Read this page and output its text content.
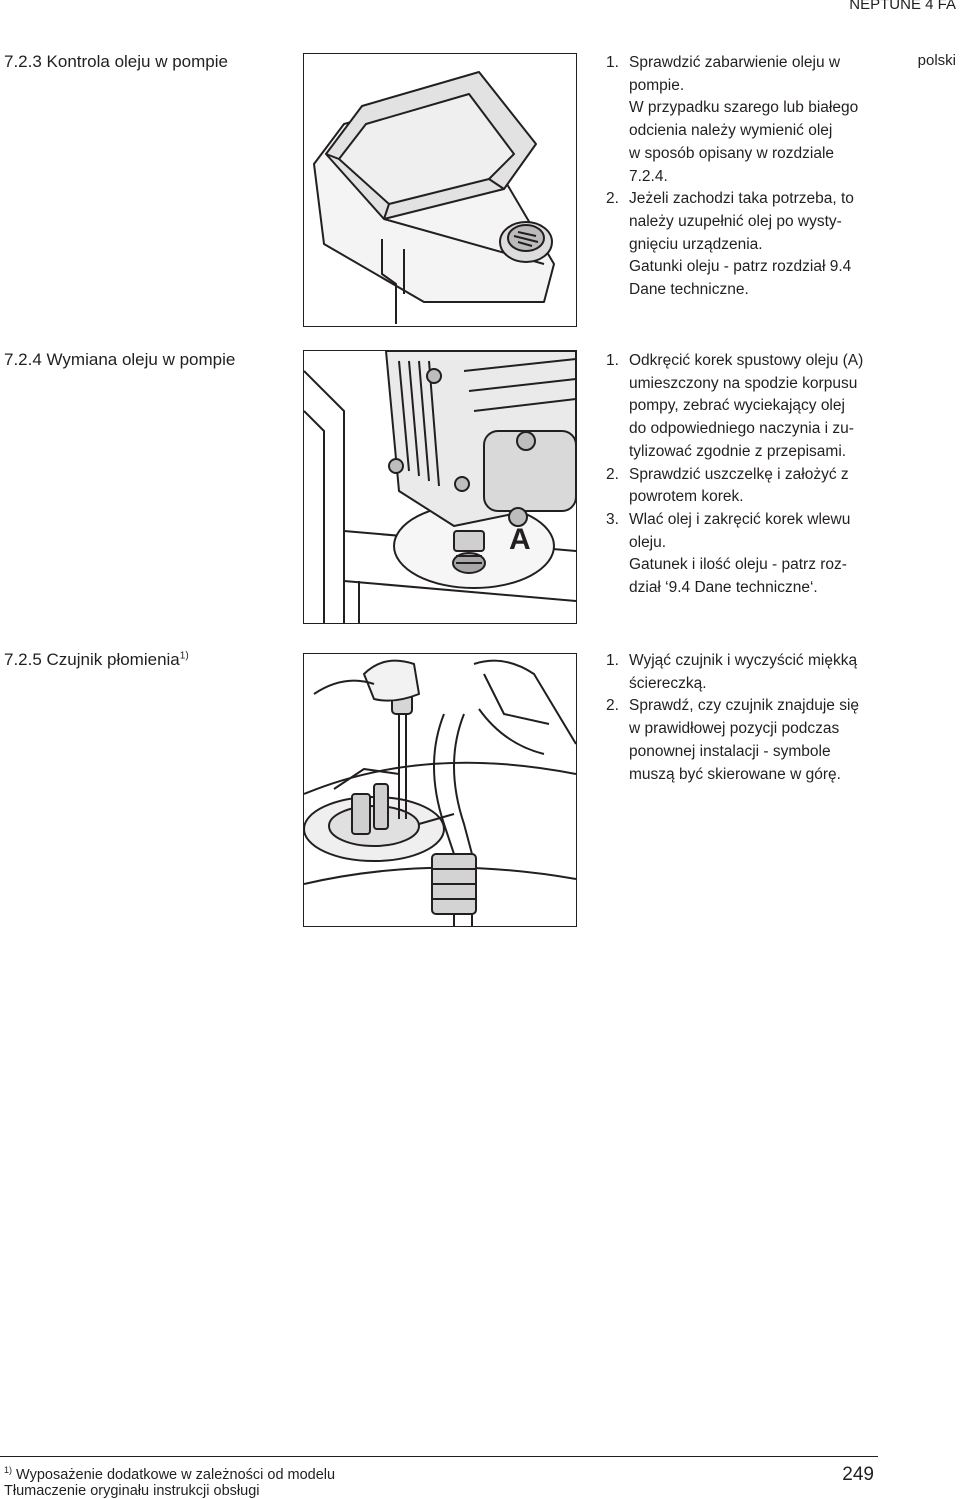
NEPTUNE 4 FA
polski
7.2.3 Kontrola oleju w pompie	1. Sprawdzić zabarwienie oleju w
pompie.
W przypadku szarego lub białego
odcienia należy wymienić olej
w sposób opisany w rozdziale
7.2.4.
2. Jeżeli zachodzi taka potrzeba, to
należy uzupełnić olej po wysty-
gnięciu urządzenia.
Gatunki oleju - patrz rozdział 9.4
Dane techniczne.
7.2.4 Wymiana oleju w pompie
A
1. Odkręcić korek spustowy oleju (A)
umieszczony na spodzie korpusu
pompy, zebrać wyciekający olej
do odpowiedniego naczynia i zu-
tylizować zgodnie z przepisami.
2. Sprawdzić uszczelkę i założyć z
powrotem korek.
3. Wlać olej i zakręcić korek wlewu
oleju.
Gatunek i ilość oleju - patrz roz-
dział ‘9.4 Dane techniczne‘.
7.2.5 Czujnik płomienia$^{1)}$	1. Wyjąć czujnik i wyczyścić miękką
ściereczką.
2. Sprawdź, czy czujnik znajduje się
w prawidłowej pozycji podczas
ponownej instalacji - symbole
muszą być skierowane w górę.
$^{1)}$ Wyposażenie dodatkowe w zależności od modelu
Tłumaczenie oryginału instrukcji obsługi
249
